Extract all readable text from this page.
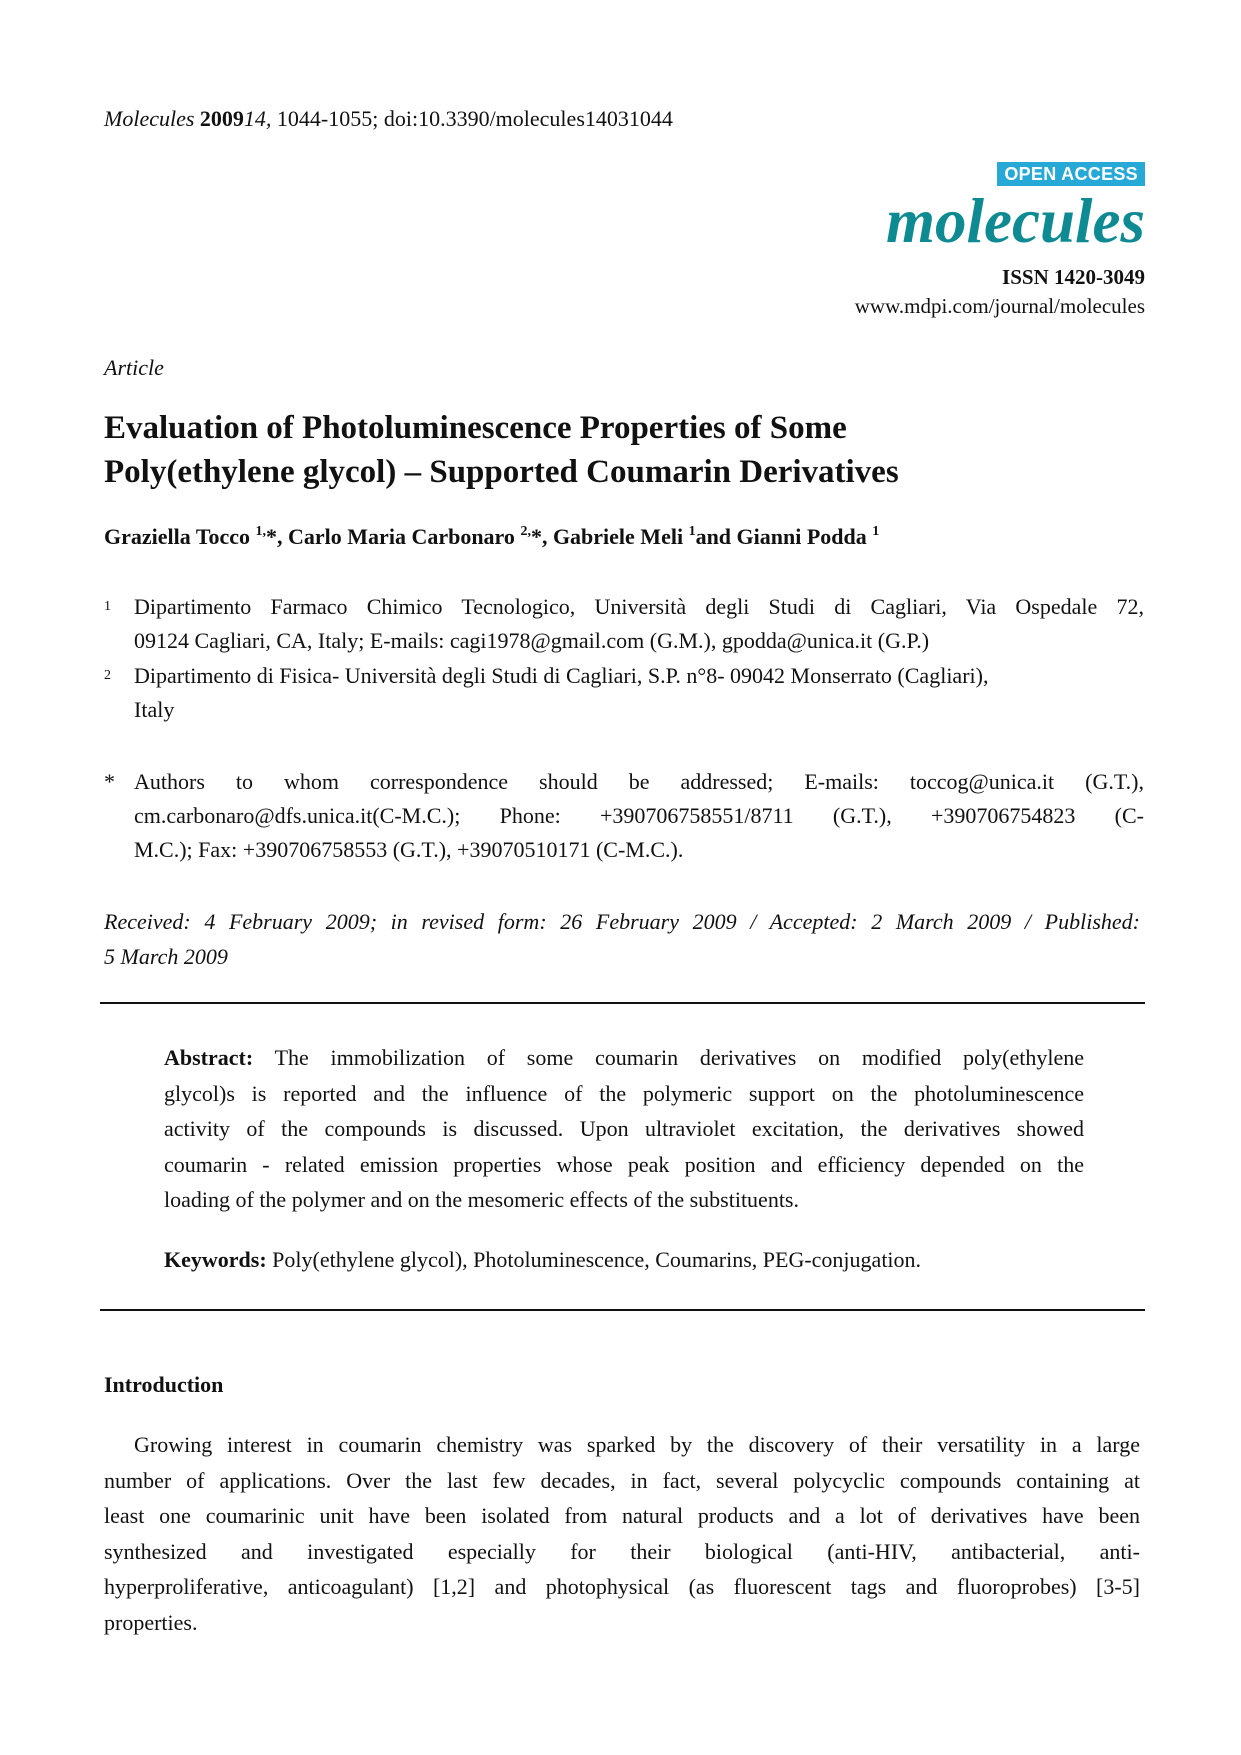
Molecules 200914, 1044-1055; doi:10.3390/molecules14031044
OPEN ACCESS
molecules
ISSN 1420-3049
www.mdpi.com/journal/molecules
Article
Evaluation of Photoluminescence Properties of Some
Poly(ethylene glycol) – Supported Coumarin Derivatives
Graziella Tocco $^{1,}$*, Carlo Maria Carbonaro $^{2,}$*, Gabriele Meli $^1$and Gianni Podda $^1$
1 Dipartimento Farmaco Chimico Tecnologico, Università degli Studi di Cagliari, Via Ospedale 72,
09124 Cagliari, CA, Italy; E-mails: cagi1978@gmail.com (G.M.), gpodda@unica.it (G.P.)
2 Dipartimento di Fisica- Università degli Studi di Cagliari, S.P. n°8- 09042 Monserrato (Cagliari),
Italy
* Authors to whom correspondence should be addressed; E-mails: toccog@unica.it (G.T.),
cm.carbonaro@dfs.unica.it(C-M.C.); Phone: +390706758551/8711 (G.T.), +390706754823 (C-
M.C.); Fax: +390706758553 (G.T.), +39070510171 (C-M.C.).
Received: 4 February 2009; in revised form: 26 February 2009 / Accepted: 2 March 2009 / Published:
5 March 2009
Abstract: The immobilization of some coumarin derivatives on modified poly(ethylene
glycol)s is reported and the influence of the polymeric support on the photoluminescence
activity of the compounds is discussed. Upon ultraviolet excitation, the derivatives showed
coumarin - related emission properties whose peak position and efficiency depended on the
loading of the polymer and on the mesomeric effects of the substituents.
Keywords: Poly(ethylene glycol), Photoluminescence, Coumarins, PEG-conjugation.
Introduction
Growing interest in coumarin chemistry was sparked by the discovery of their versatility in a large
number of applications. Over the last few decades, in fact, several polycyclic compounds containing at
least one coumarinic unit have been isolated from natural products and a lot of derivatives have been
synthesized and investigated especially for their biological (anti-HIV, antibacterial, anti-
hyperproliferative, anticoagulant) [1,2] and photophysical (as fluorescent tags and fluoroprobes) [3-5]
properties.
